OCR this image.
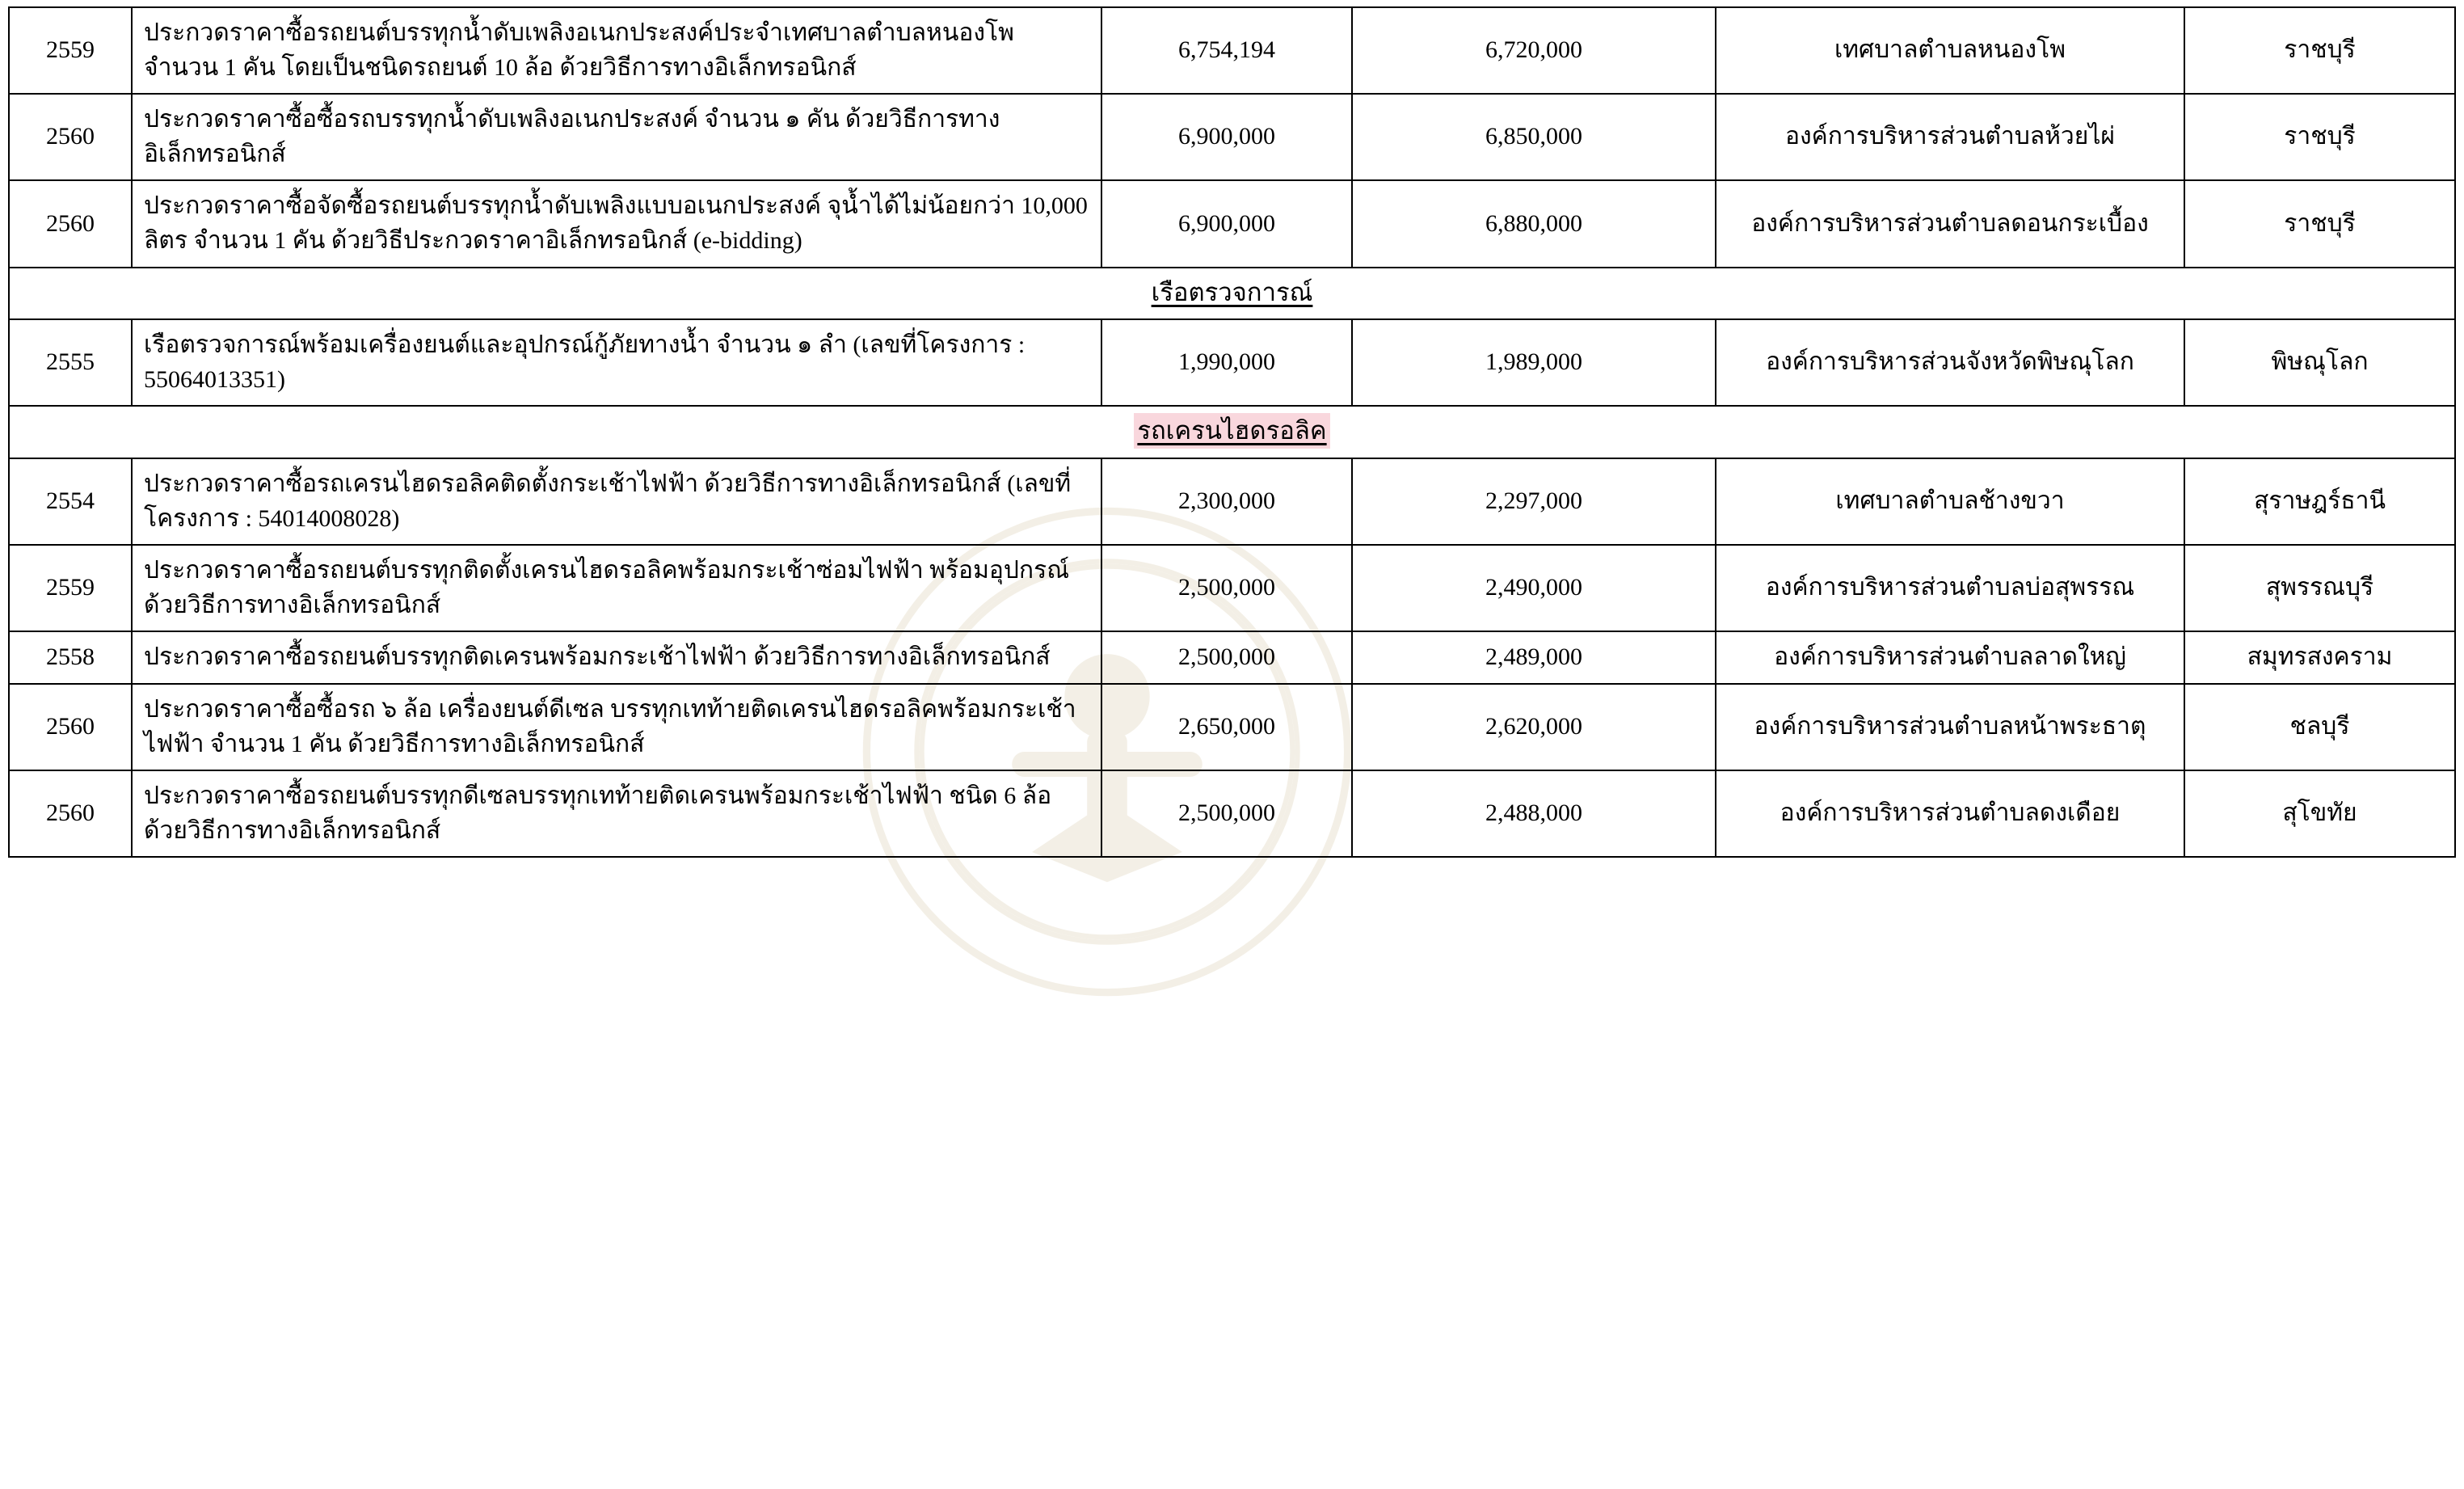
2559	ประกวดราคาซื้อรถยนต์บรรทุกน้ำดับเพลิงอเนกประสงค์ประจำเทศบาลตำบลหนองโพ จำนวน 1 คัน โดยเป็นชนิดรถยนต์ 10 ล้อ ด้วยวิธีการทางอิเล็กทรอนิกส์	6,754,194	6,720,000	เทศบาลตำบลหนองโพ	ราชบุรี
2560	ประกวดราคาซื้อซื้อรถบรรทุกน้ำดับเพลิงอเนกประสงค์ จำนวน ๑ คัน ด้วยวิธีการทางอิเล็กทรอนิกส์	6,900,000	6,850,000	องค์การบริหารส่วนตำบลห้วยไผ่	ราชบุรี
2560	ประกวดราคาซื้อจัดซื้อรถยนต์บรรทุกน้ำดับเพลิงแบบอเนกประสงค์ จุน้ำได้ไม่น้อยกว่า 10,000 ลิตร จำนวน 1 คัน ด้วยวิธีประกวดราคาอิเล็กทรอนิกส์ (e-bidding)	6,900,000	6,880,000	องค์การบริหารส่วนตำบลดอนกระเบื้อง	ราชบุรี
เรือตรวจการณ์					
2555	เรือตรวจการณ์พร้อมเครื่องยนต์และอุปกรณ์กู้ภัยทางน้ำ จำนวน ๑ ลำ (เลขที่โครงการ : 55064013351)	1,990,000	1,989,000	องค์การบริหารส่วนจังหวัดพิษณุโลก	พิษณุโลก
รถเครนไฮดรอลิค					
2554	ประกวดราคาซื้อรถเครนไฮดรอลิคติดตั้งกระเช้าไฟฟ้า ด้วยวิธีการทางอิเล็กทรอนิกส์ (เลขที่โครงการ : 54014008028)	2,300,000	2,297,000	เทศบาลตำบลช้างขวา	สุราษฎร์ธานี
2559	ประกวดราคาซื้อรถยนต์บรรทุกติดตั้งเครนไฮดรอลิคพร้อมกระเช้าซ่อมไฟฟ้า พร้อมอุปกรณ์ ด้วยวิธีการทางอิเล็กทรอนิกส์	2,500,000	2,490,000	องค์การบริหารส่วนตำบลบ่อสุพรรณ	สุพรรณบุรี
2558	ประกวดราคาซื้อรถยนต์บรรทุกติดเครนพร้อมกระเช้าไฟฟ้า ด้วยวิธีการทางอิเล็กทรอนิกส์	2,500,000	2,489,000	องค์การบริหารส่วนตำบลลาดใหญ่	สมุทรสงคราม
2560	ประกวดราคาซื้อซื้อรถ ๖ ล้อ เครื่องยนต์ดีเซล บรรทุกเทท้ายติดเครนไฮดรอลิคพร้อมกระเช้าไฟฟ้า จำนวน 1 คัน ด้วยวิธีการทางอิเล็กทรอนิกส์	2,650,000	2,620,000	องค์การบริหารส่วนตำบลหน้าพระธาตุ	ชลบุรี
2560	ประกวดราคาซื้อรถยนต์บรรทุกดีเซลบรรทุกเทท้ายติดเครนพร้อมกระเช้าไฟฟ้า ชนิด 6 ล้อ ด้วยวิธีการทางอิเล็กทรอนิกส์	2,500,000	2,488,000	องค์การบริหารส่วนตำบลดงเดือย	สุโขทัย
